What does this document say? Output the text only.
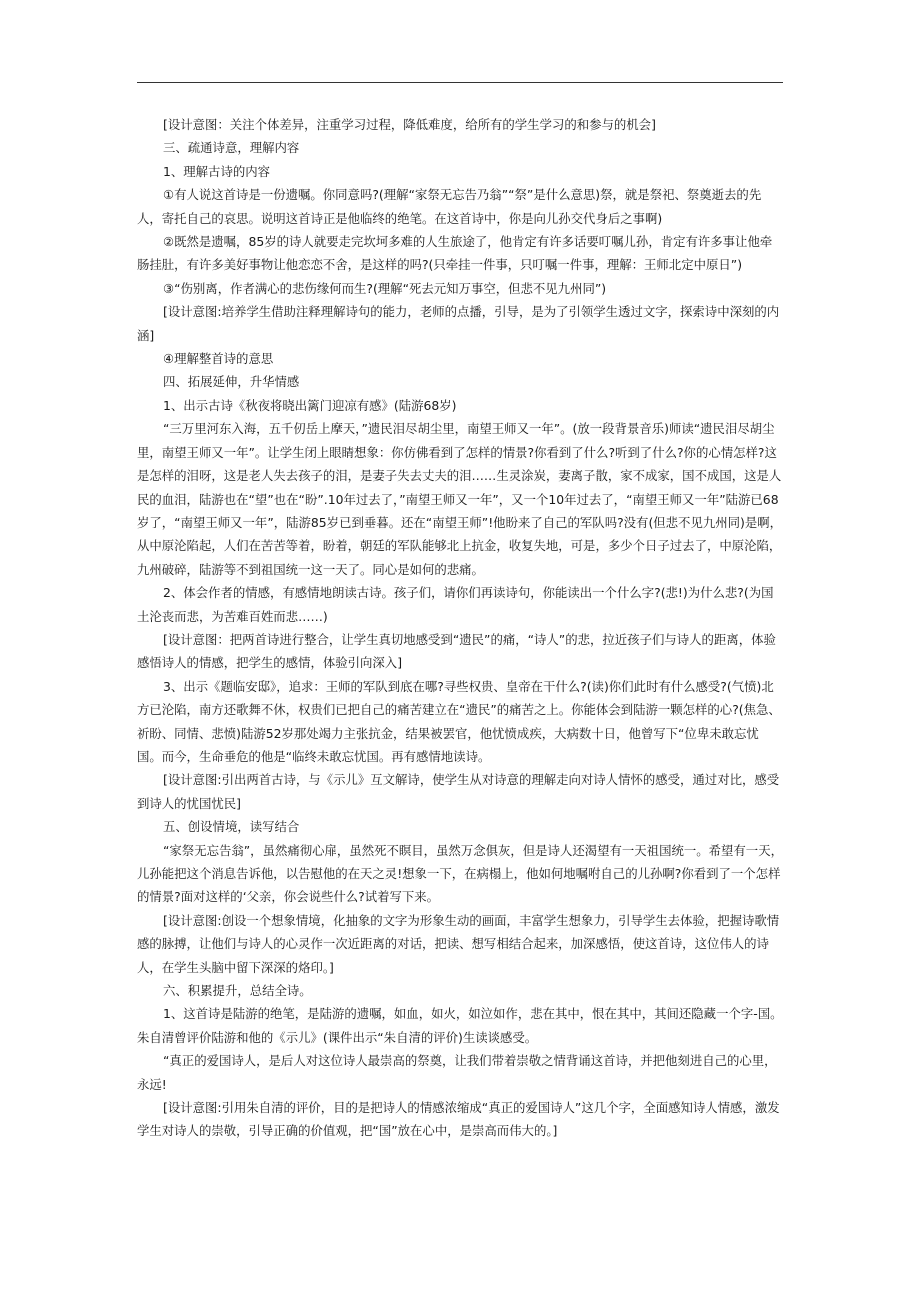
[设计意图：关注个体差异，注重学习过程，降低难度，给所有的学生学习的和参与的机会]

三、疏通诗意，理解内容

1、理解古诗的内容

①有人说这首诗是一份遗嘱。你同意吗?(理解“家祭无忘告乃翁”“祭”是什么意思)祭，就是祭祀、祭奠逝去的先人，寄托自己的哀思。说明这首诗正是他临终的绝笔。在这首诗中，你是向儿孙交代身后之事啊)

②既然是遗嘱，85岁的诗人就要走完坎坷多难的人生旅途了，他肯定有许多话要叮嘱儿孙，肯定有许多事让他牵肠挂肚，有许多美好事物让他恋恋不舍，是这样的吗?(只牵挂一件事，只叮嘱一件事，理解：王师北定中原日”)

③“伤别离，作者满心的悲伤缘何而生?(理解“死去元知万事空，但悲不见九州同”)

[设计意图:培养学生借助注释理解诗句的能力，老师的点播，引导，是为了引领学生透过文字，探索诗中深刻的内涵]

④理解整首诗的意思

四、拓展延伸，升华情感

1、出示古诗《秋夜将晓出篱门迎凉有感》(陆游68岁)

“三万里河东入海，五千仞岳上摩天，”遗民泪尽胡尘里，南望王师又一年”。(放一段背景音乐)师读“遗民泪尽胡尘里，南望王师又一年”。让学生闭上眼睛想象：你仿佛看到了怎样的情景?你看到了什么?听到了什么?你的心情怎样?这是怎样的泪呀，这是老人失去孩子的泪，是妻子失去丈夫的泪……生灵涂炭，妻离子散，家不成家，国不成国，这是人民的血泪，陆游也在“望”也在“盼”.10年过去了，”南望王师又一年”，又一个10年过去了，“南望王师又一年”陆游已68岁了，“南望王师又一年”，陆游85岁已到垂暮。还在“南望王师”!他盼来了自己的军队吗?没有(但悲不见九州同)是啊，从中原沦陷起，人们在苦苦等着，盼着，朝廷的军队能够北上抗金，收复失地，可是，多少个日子过去了，中原沦陷，九州破碎，陆游等不到祖国统一这一天了。同心是如何的悲痛。

2、体会作者的情感，有感情地朗读古诗。孩子们，请你们再读诗句，你能读出一个什么字?(悲!)为什么悲?(为国土沦丧而悲，为苦难百姓而悲……)

[设计意图：把两首诗进行整合，让学生真切地感受到“遗民”的痛，“诗人”的悲，拉近孩子们与诗人的距离，体验感悟诗人的情感，把学生的感情，体验引向深入]

3、出示《题临安邸》，追求：王师的军队到底在哪?寻些权贵、皇帝在干什么?(读)你们此时有什么感受?(气愤)北方已沦陷，南方还歌舞不休，权贵们已把自己的痛苦建立在“遗民”的痛苦之上。你能体会到陆游一颗怎样的心?(焦急、祈盼、同情、悲愤)陆游52岁那处竭力主张抗金，结果被罢官，他忧愤成疾，大病数十日，他曾写下“位卑未敢忘忧国。而今，生命垂危的他是“临终未敢忘忧国。再有感情地读诗。

[设计意图:引出两首古诗，与《示儿》互文解诗，使学生从对诗意的理解走向对诗人情怀的感受，通过对比，感受到诗人的忧国忧民]

五、创设情境，读写结合

“家祭无忘告翁”，虽然痛彻心扉，虽然死不瞑目，虽然万念俱灰，但是诗人还渴望有一天祖国统一。希望有一天，儿孙能把这个消息告诉他，以告慰他的在天之灵!想象一下，在病榻上，他如何地嘱咐自己的儿孙啊?你看到了一个怎样的情景?面对这样的‘父亲，你会说些什么?试着写下来。

[设计意图:创设一个想象情境，化抽象的文字为形象生动的画面，丰富学生想象力，引导学生去体验，把握诗歌情感的脉搏，让他们与诗人的心灵作一次近距离的对话，把读、想写相结合起来，加深感悟，使这首诗，这位伟人的诗人，在学生头脑中留下深深的烙印。]

六、积累提升，总结全诗。

1、这首诗是陆游的绝笔，是陆游的遗嘱，如血，如火，如泣如作，悲在其中，恨在其中，其间还隐藏一个字-国。朱自清曾评价陆游和他的《示儿》(课件出示“朱自清的评价)生读谈感受。

“真正的爱国诗人，是后人对这位诗人最崇高的祭奠，让我们带着崇敬之情背诵这首诗，并把他刻进自己的心里，永远!

[设计意图:引用朱自清的评价，目的是把诗人的情感浓缩成“真正的爱国诗人”这几个字，全面感知诗人情感，激发学生对诗人的崇敬，引导正确的价值观，把“国”放在心中，是崇高而伟大的。]
